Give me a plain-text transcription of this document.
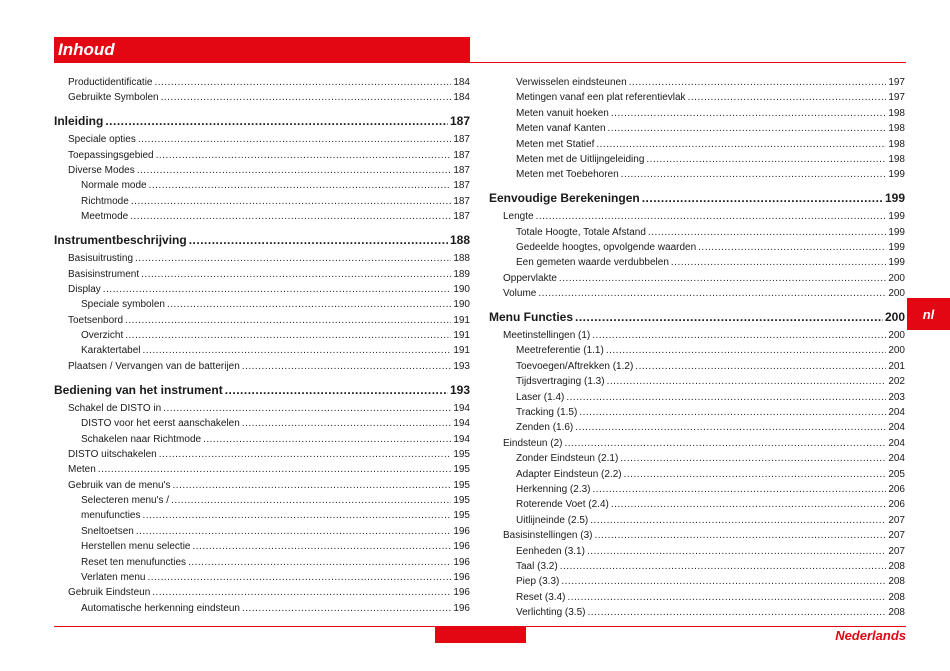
Inhoud
Productidentificatie .....	184
Gebruikte Symbolen .....	184
Inleiding .....	187
Speciale opties .....	187
Toepassingsgebied .....	187
Diverse Modes .....	187
Normale mode .....	187
Richtmode .....	187
Meetmode .....	187
Instrumentbeschrijving .....	188
Basisuitrusting .....	188
Basisinstrument .....	189
Display .....	190
Speciale symbolen .....	190
Toetsenbord .....	191
Overzicht .....	191
Karaktertabel .....	191
Plaatsen / Vervangen van de batterijen .....	193
Bediening van het instrument .....	193
Schakel de DISTO in .....	194
DISTO voor het eerst aanschakelen .....	194
Schakelen naar Richtmode .....	194
DISTO uitschakelen .....	195
Meten .....	195
Gebruik van de menu's .....	195
Selecteren menu's / .....	195
menufuncties .....	195
Sneltoetsen .....	196
Herstellen menu selectie .....	196
Reset ten menufuncties .....	196
Verlaten menu .....	196
Gebruik Eindsteun .....	196
Automatische herkenning eindsteun .....	196
Verwisselen eindsteunen .....	197
Metingen vanaf een plat referentievlak .....	197
Meten vanuit hoeken .....	198
Meten vanaf Kanten .....	198
Meten met Statief .....	198
Meten met de Uitlijngeleiding .....	198
Meten met Toebehoren .....	199
Eenvoudige Berekeningen .....	199
Lengte .....	199
Totale Hoogte, Totale Afstand .....	199
Gedeelde hoogtes, opvolgende waarden .....	199
Een gemeten waarde verdubbelen .....	199
Oppervlakte .....	200
Volume .....	200
Menu Functies .....	200
Meetinstellingen (1) .....	200
Meetreferentie (1.1) .....	200
Toevoegen/Aftrekken (1.2) .....	201
Tijdsvertraging (1.3) .....	202
Laser (1.4) .....	203
Tracking (1.5) .....	204
Zenden (1.6) .....	204
Eindsteun (2) .....	204
Zonder Eindsteun (2.1) .....	204
Adapter Eindsteun (2.2) .....	205
Herkenning (2.3) .....	206
Roterende Voet (2.4) .....	206
Uitlijneinde (2.5) .....	207
Basisinstellingen (3) .....	207
Eenheden (3.1) .....	207
Taal (3.2) .....	208
Piep (3.3) .....	208
Reset (3.4) .....	208
Verlichting (3.5) .....	208
nl
Nederlands
